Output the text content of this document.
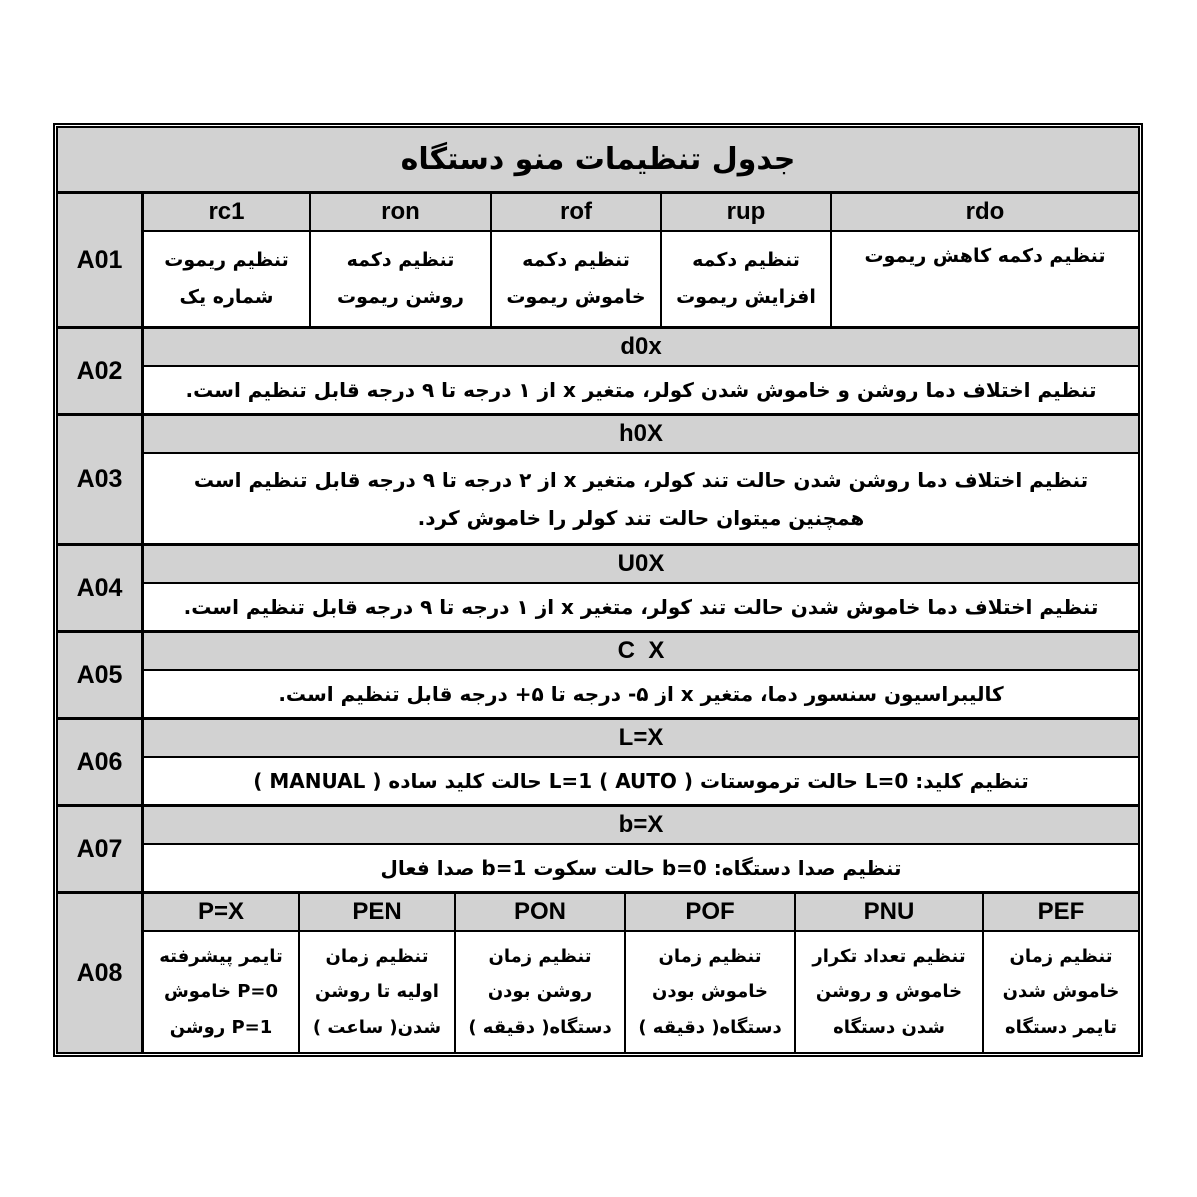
جدول تنظیمات منو دستگاه
A01
rc1
تنظیم ریموت شماره یک
ron
تنظیم دکمه روشن ریموت
rof
تنظیم دکمه خاموش ریموت
rup
تنظیم دکمه افزایش ریموت
rdo
تنظیم دکمه کاهش ریموت
A02
d0x
تنظیم اختلاف دما روشن و خاموش شدن کولر، متغیر x از ۱ درجه تا ۹ درجه قابل تنظیم است.
A03
h0X
تنظیم اختلاف دما روشن شدن حالت تند کولر، متغیر x از ۲ درجه تا ۹ درجه قابل تنظیم است همچنین میتوان حالت تند کولر را خاموش کرد.
A04
U0X
تنظیم اختلاف دما خاموش شدن حالت تند کولر، متغیر x از ۱ درجه تا ۹ درجه قابل تنظیم است.
A05
C  X
کالیبراسیون سنسور دما، متغیر x از ۵- درجه تا ۵+ درجه قابل تنظیم است.
A06
L=X
تنظیم کلید: L=0 حالت ترموستات ( AUTO ) L=1 حالت کلید ساده ( MANUAL )
A07
b=X
تنظیم صدا دستگاه: b=0 حالت سکوت b=1 صدا فعال
A08
P=X
تایمر پیشرفته P=0 خاموش P=1 روشن
PEN
تنظیم زمان اولیه تا روشن شدن( ساعت )
PON
تنظیم زمان روشن بودن دستگاه( دقیقه )
POF
تنظیم زمان خاموش بودن دستگاه( دقیقه )
PNU
تنظیم تعداد تکرار خاموش و روشن شدن دستگاه
PEF
تنظیم زمان خاموش شدن تایمر دستگاه
